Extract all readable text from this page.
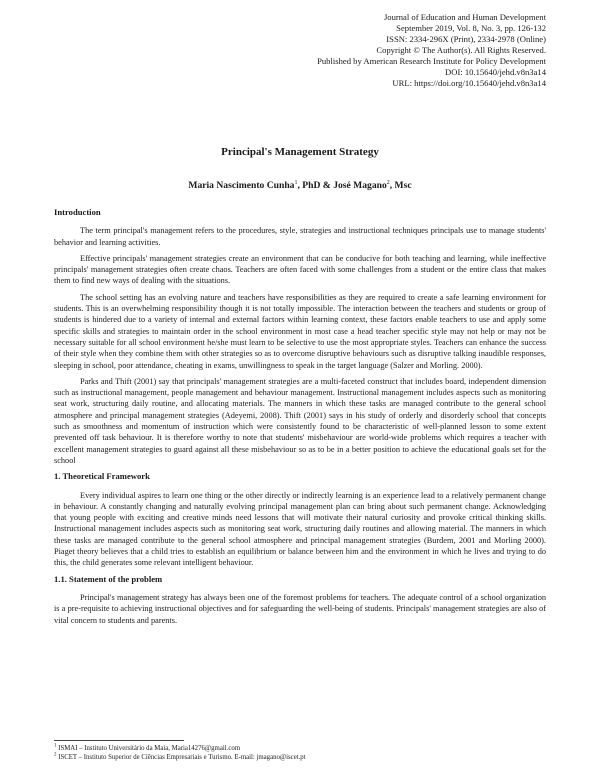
Journal of Education and Human Development
September 2019, Vol. 8, No. 3, pp. 126-132
ISSN: 2334-296X (Print), 2334-2978 (Online)
Copyright © The Author(s). All Rights Reserved.
Published by American Research Institute for Policy Development
DOI: 10.15640/jehd.v8n3a14
URL: https://doi.org/10.15640/jehd.v8n3a14
Principal's Management Strategy
Maria Nascimento Cunha$^1$, PhD & José Magano$^2$, Msc
Introduction

The term principal's management refers to the procedures, style, strategies and instructional techniques principals use to manage students' behavior and learning activities.

Effective principals' management strategies create an environment that can be conducive for both teaching and learning, while ineffective principals' management strategies often create chaos. Teachers are often faced with some challenges from a student or the entire class that makes them to find new ways of dealing with the situations.

The school setting has an evolving nature and teachers have responsibilities as they are required to create a safe learning environment for students. This is an overwhelming responsibility though it is not totally impossible. The interaction between the teachers and students or group of students is hindered due to a variety of internal and external factors within learning context, these factors enable teachers to use and apply some specific skills and strategies to maintain order in the school environment in most case a head teacher specific style may not help or may not be necessary suitable for all school environment he/she must learn to be selective to use the most appropriate styles. Teachers can enhance the success of their style when they combine them with other strategies so as to overcome disruptive behaviours such as disruptive talking inaudible responses, sleeping in school, poor attendance, cheating in exams, unwillingness to speak in the target language (Salzer and Morling. 2000).

Parks and Thift (2001) say that principals' management strategies are a multi-faceted construct that includes board, independent dimension such as instructional management, people management and behaviour management. Instructional management includes aspects such as monitoring seat work, structuring daily routine, and allocating materials. The manners in which these tasks are managed contribute to the general school atmosphere and principal management strategies (Adeyemi, 2008). Thift (2001) says in his study of orderly and disorderly school that concepts such as smoothness and momentum of instruction which were consistently found to be characteristic of well-planned lesson to some extent prevented off task behaviour. It is therefore worthy to note that students' misbehaviour are world-wide problems which requires a teacher with excellent management strategies to guard against all these misbehaviour so as to be in a better position to achieve the educational goals set for the school

1. Theoretical Framework

Every individual aspires to learn one thing or the other directly or indirectly learning is an experience lead to a relatively permanent change in behaviour. A constantly changing and naturally evolving principal management plan can bring about such permanent change. Acknowledging that young people with exciting and creative minds need lessons that will motivate their natural curiosity and provoke critical thinking skills. Instructional management includes aspects such as monitoring seat work, structuring daily routines and allowing material. The manners in which these tasks are managed contribute to the general school atmosphere and principal management strategies (Burdem, 2001 and Morling 2000). Piaget theory believes that a child tries to establish an equilibrium or balance between him and the environment in which he lives and trying to do this, the child generates some relevant intelligent behaviour.

1.1. Statement of the problem

Principal's management strategy has always been one of the foremost problems for teachers. The adequate control of a school organization is a pre-requisite to achieving instructional objectives and for safeguarding the well-being of students. Principals' management strategies are also of vital concern to students and parents.

$^1$ ISMAI – Instituto Universitário da Maia, Maria14276@gmail.com
$^2$ ISCET – Instituto Superior de Ciências Empresariais e Turismo. E-mail: jmagano@iscet.pt
